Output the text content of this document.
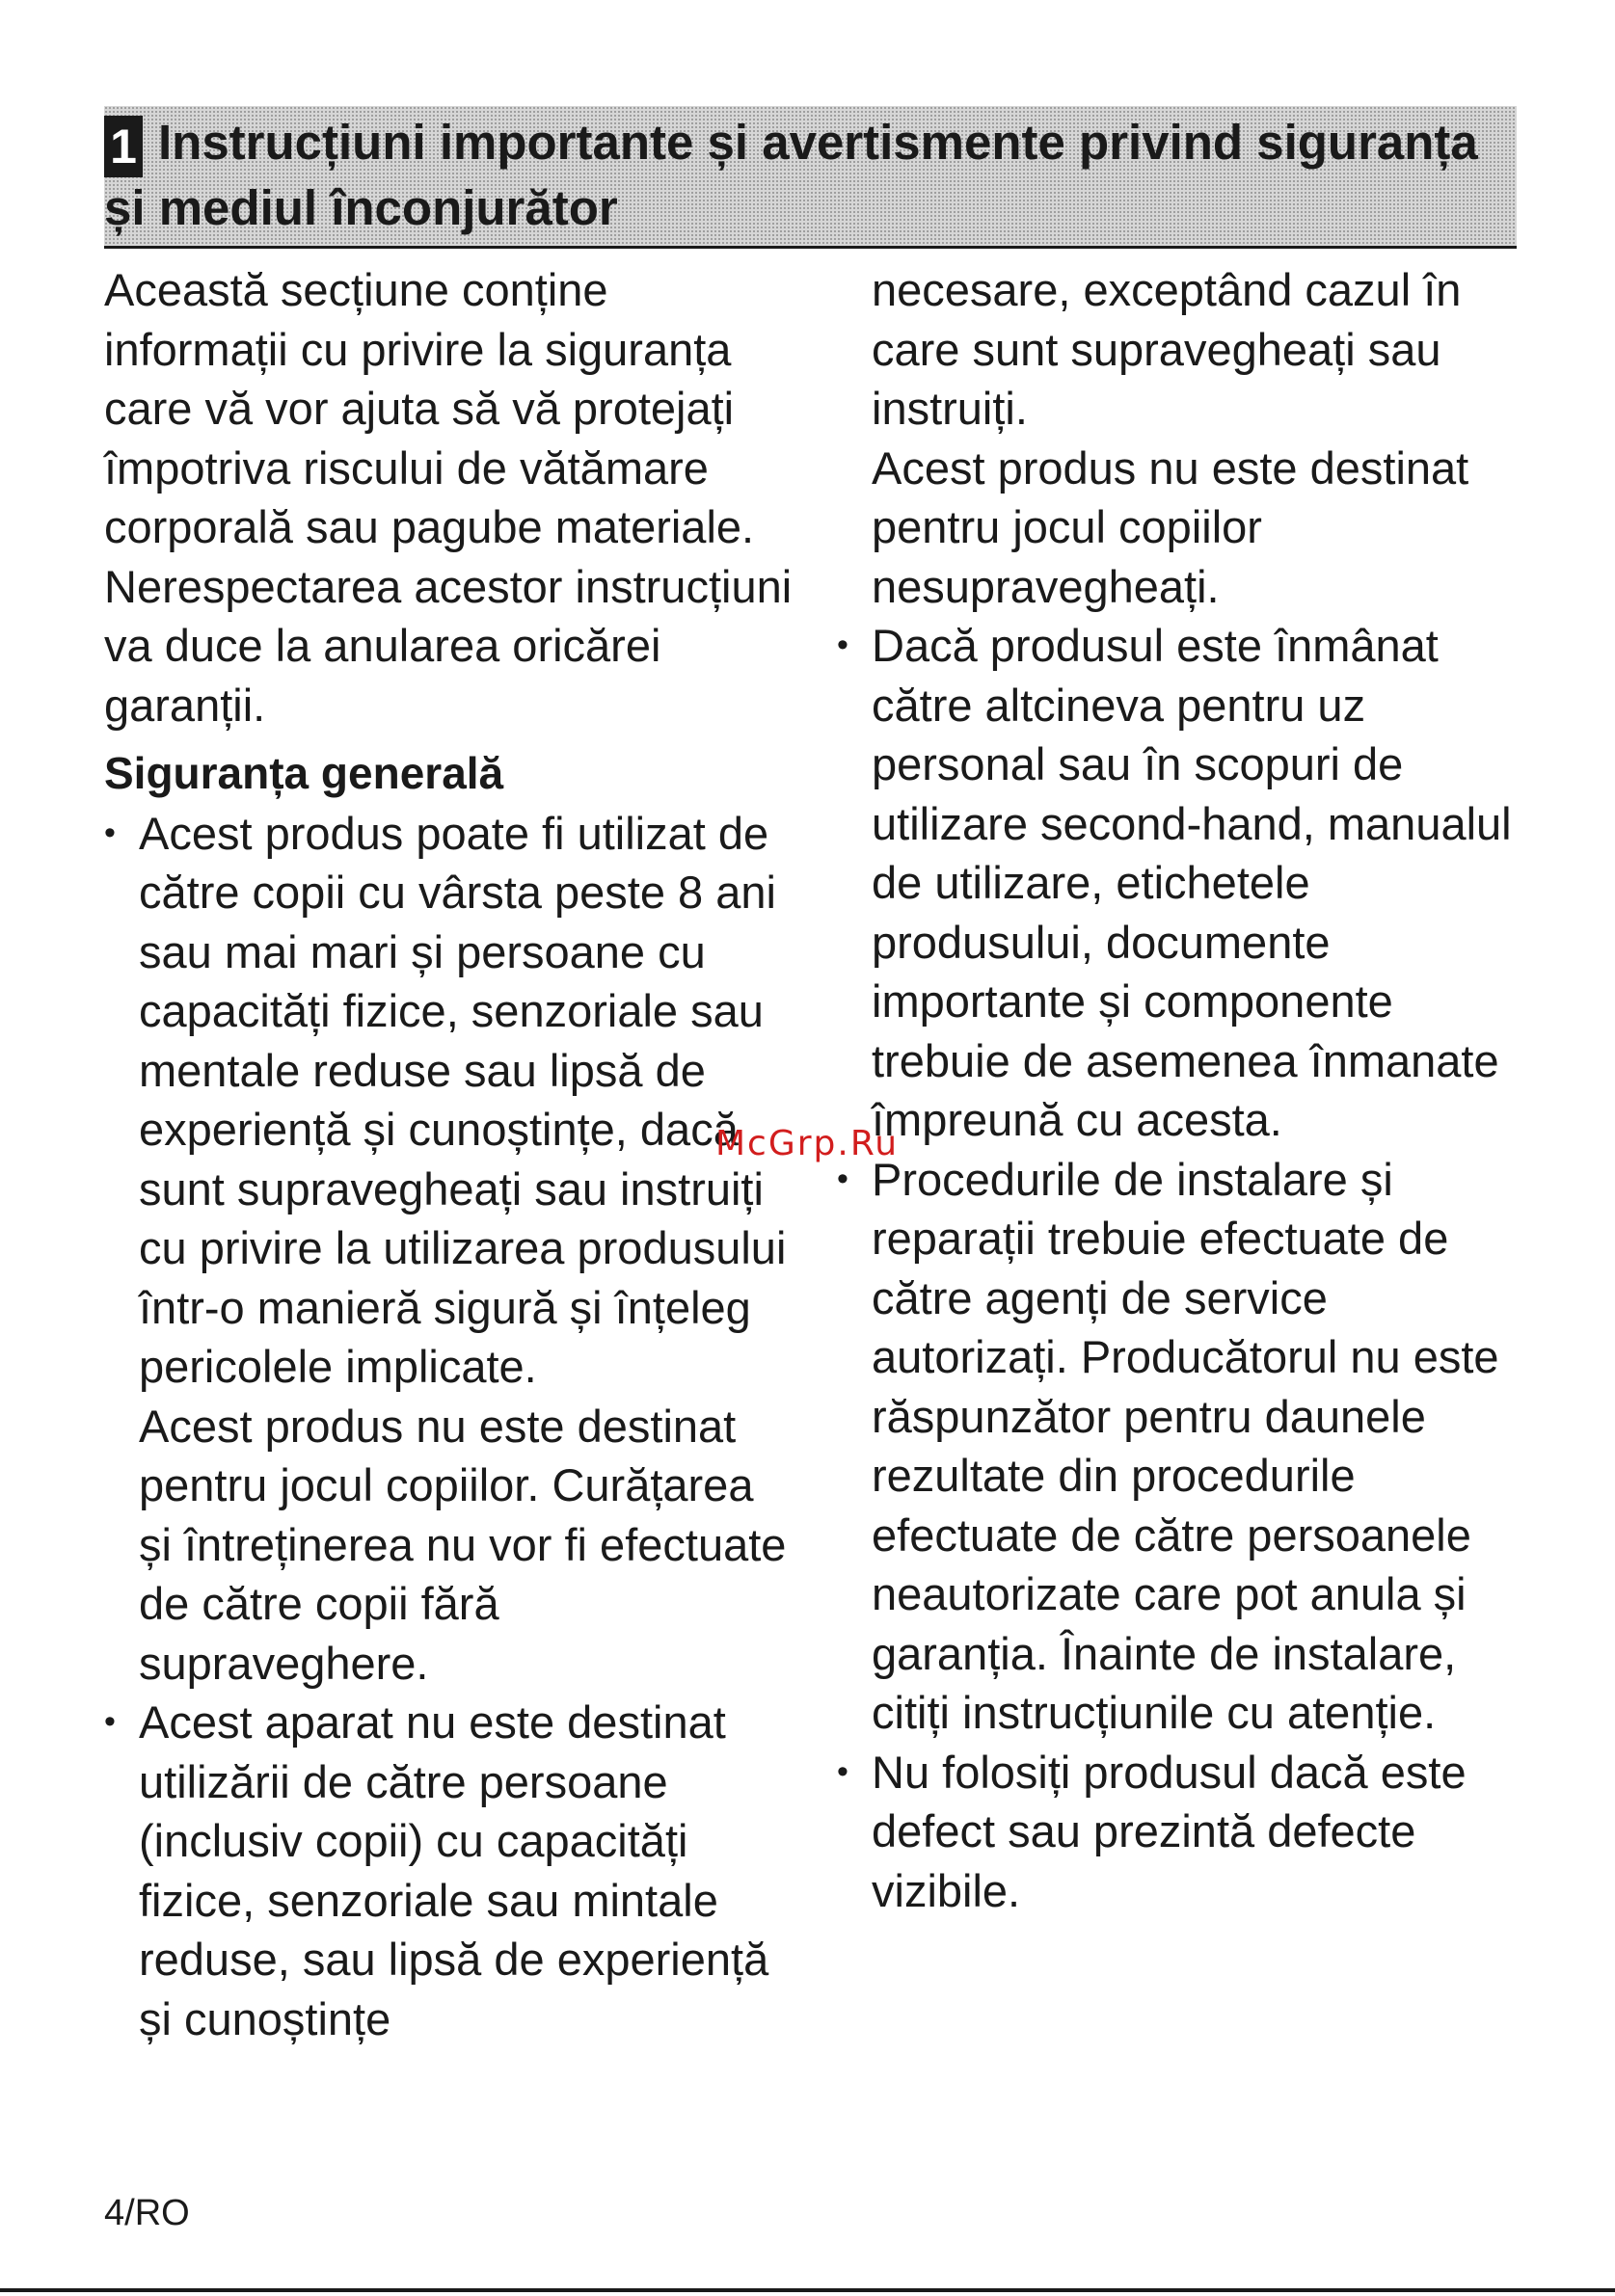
1 Instrucțiuni importante și avertismente privind siguranța și mediul înconjurător

Această secțiune conține informații cu privire la siguranța care vă vor ajuta să vă protejați împotriva riscului de vătămare corporală sau pagube materiale. Nerespectarea acestor instrucțiuni va duce la anularea oricărei garanții.

Siguranța generală

• Acest produs poate fi utilizat de către copii cu vârsta peste 8 ani sau mai mari și persoane cu capacități fizice, senzoriale sau mentale reduse sau lipsă de experiență și cunoștințe, dacă sunt supravegheați sau instruiți cu privire la utilizarea produsului într-o manieră sigură și înțeleg pericolele implicate.

Acest produs nu este destinat pentru jocul copiilor. Curățarea și întreținerea nu vor fi efectuate de către copii fără supraveghere.

• Acest aparat nu este destinat utilizării de către persoane (inclusiv copii) cu capacități fizice, senzoriale sau mintale reduse, sau lipsă de experiență și cunoștințe

necesare, exceptând cazul în care sunt supravegheați sau instruiți.

Acest produs nu este destinat pentru jocul copiilor nesupravegheați.

• Dacă produsul este înmânat către altcineva pentru uz personal sau în scopuri de utilizare second-hand, manualul de utilizare, etichetele produsului, documente importante și componente trebuie de asemenea înmanate împreună cu acesta.

• Procedurile de instalare și reparații trebuie efectuate de către agenți de service autorizați. Producătorul nu este răspunzător pentru daunele rezultate din procedurile efectuate de către persoanele neautorizate care pot anula și garanția. Înainte de instalare, citiți instrucțiunile cu atenție.

• Nu folosiți produsul dacă este defect sau prezintă defecte vizibile.

McGrp.Ru
4/RO
